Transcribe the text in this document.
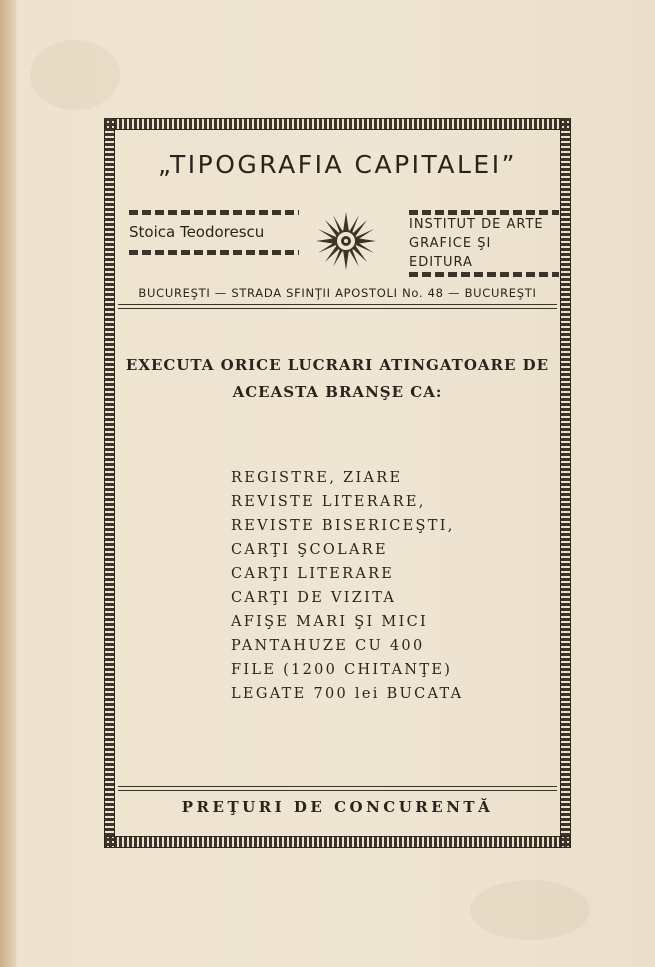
„TIPOGRAFIA CAPITALEI”
Stoica Teodorescu	INSTITUT DE ARTE
GRAFICE ŞI EDITURA
BUCUREŞTI — STRADA SFINŢII APOSTOLI No. 48 — BUCUREŞTI
EXECUTA ORICE LUCRARI ATINGATOARE DE
ACEASTA BRANŞE CA:
REGISTRE, ZIARE
REVISTE LITERARE,
REVISTE BISERICEŞTI,
CARŢI ŞCOLARE
CARŢI LITERARE
CARŢI DE VIZITA
AFIŞE MARI ŞI MICI
PANTAHUZE CU 400
FILE (1200 CHITANŢE)
LEGATE 700 lei BUCATA
PREŢURI DE CONCURENTĂ
